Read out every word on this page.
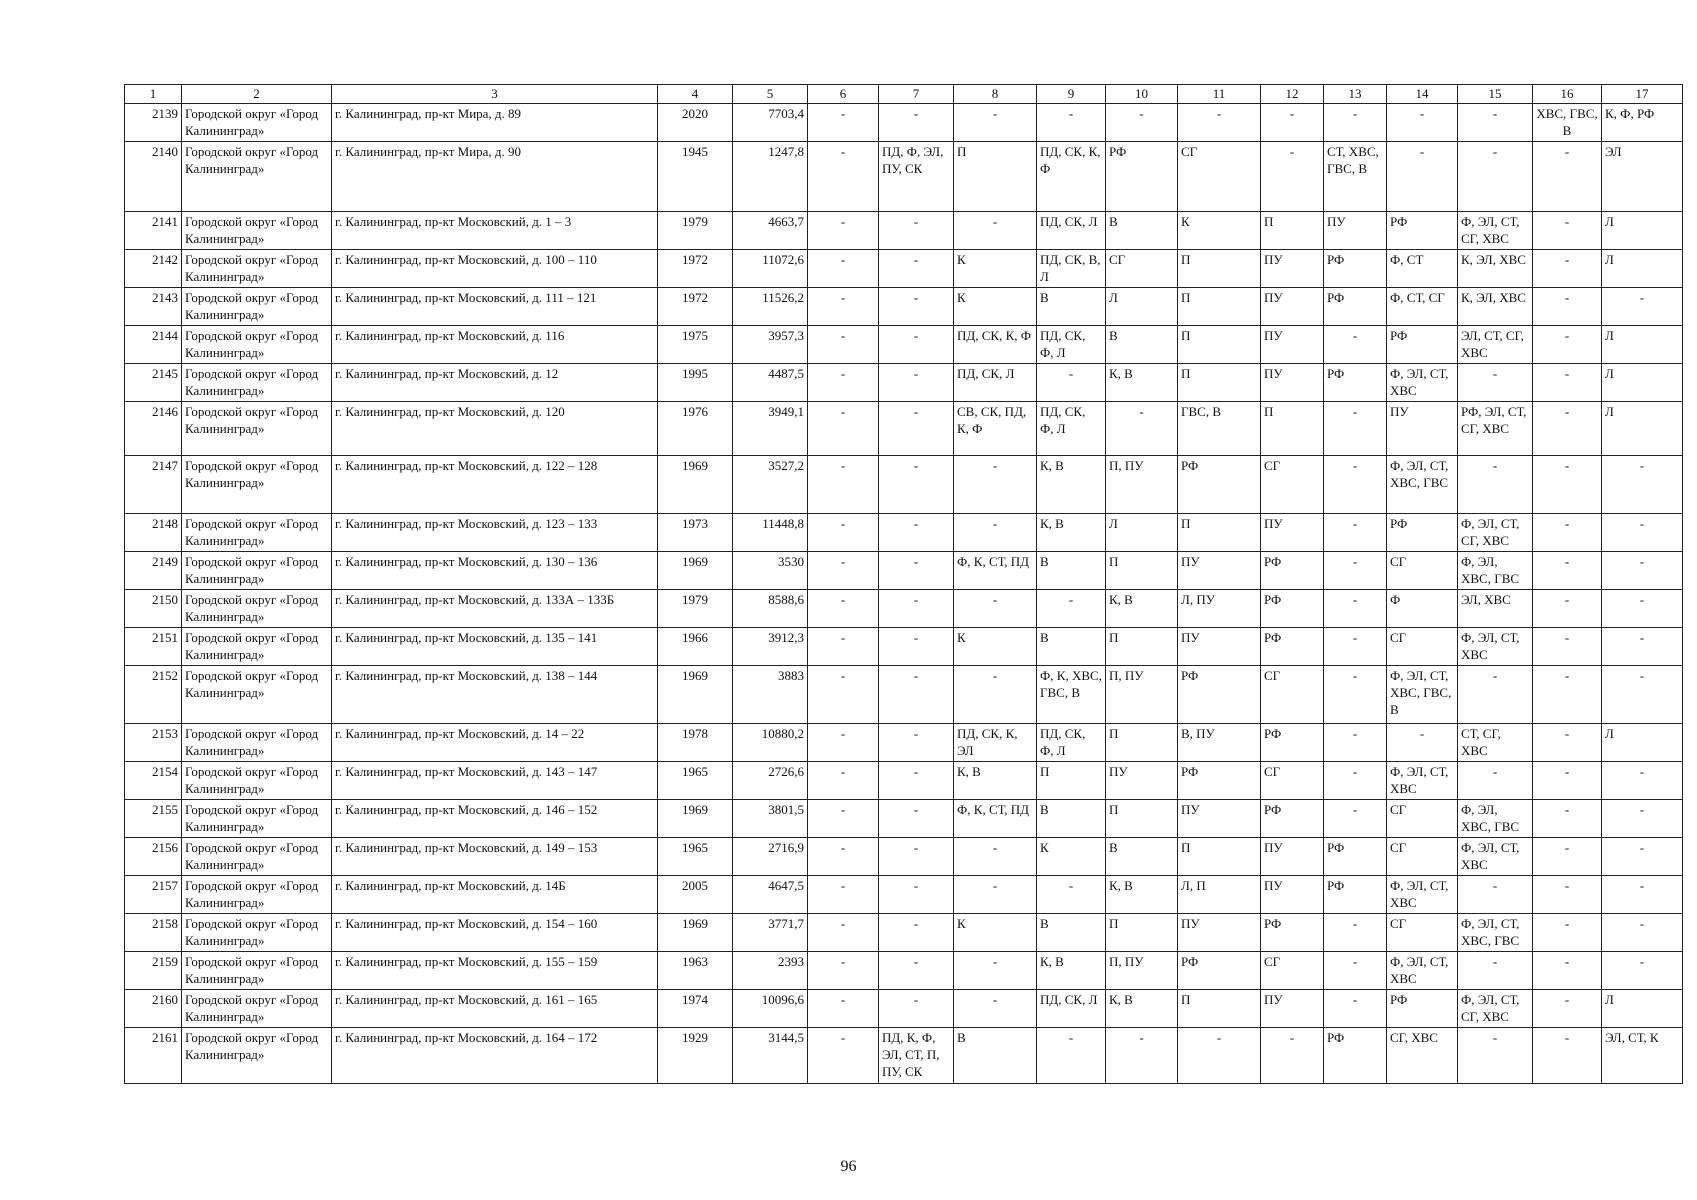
1	2	3	4	5	6	7	8	9	10	11	12	13	14	15	16	17
2139	Городской округ «Город Калининград»	г. Калининград, пр-кт Мира, д. 89	2020	7703,4	-	-	-	-	-	-	-	-	-	-	ХВС, ГВС, В	К, Ф, РФ
2140	Городской округ «Город Калининград»	г. Калининград, пр-кт Мира, д. 90	1945	1247,8	-	ПД, Ф, ЭЛ, ПУ, СК	П	ПД, СК, К, Ф	РФ	СГ	-	СТ, ХВС, ГВС, В	-	-	-	ЭЛ
2141	Городской округ «Город Калининград»	г. Калининград, пр-кт Московский, д. 1 – 3	1979	4663,7	-	-	-	ПД, СК, Л	В	К	П	ПУ	РФ	Ф, ЭЛ, СТ, СГ, ХВС	-	Л
2142	Городской округ «Город Калининград»	г. Калининград, пр-кт Московский, д. 100 – 110	1972	11072,6	-	-	К	ПД, СК, В, Л	СГ	П	ПУ	РФ	Ф, СТ	К, ЭЛ, ХВС	-	Л
2143	Городской округ «Город Калининград»	г. Калининград, пр-кт Московский, д. 111 – 121	1972	11526,2	-	-	К	В	Л	П	ПУ	РФ	Ф, СТ, СГ	К, ЭЛ, ХВС	-	-
2144	Городской округ «Город Калининград»	г. Калининград, пр-кт Московский, д. 116	1975	3957,3	-	-	ПД, СК, К, Ф	ПД, СК, Ф, Л	В	П	ПУ	-	РФ	ЭЛ, СТ, СГ, ХВС	-	Л
2145	Городской округ «Город Калининград»	г. Калининград, пр-кт Московский, д. 12	1995	4487,5	-	-	ПД, СК, Л	-	К, В	П	ПУ	РФ	Ф, ЭЛ, СТ, ХВС	-	-	Л
2146	Городской округ «Город Калининград»	г. Калининград, пр-кт Московский, д. 120	1976	3949,1	-	-	СВ, СК, ПД, К, Ф	ПД, СК, Ф, Л	-	ГВС, В	П	-	ПУ	РФ, ЭЛ, СТ, СГ, ХВС	-	Л
2147	Городской округ «Город Калининград»	г. Калининград, пр-кт Московский, д. 122 – 128	1969	3527,2	-	-	-	К, В	П, ПУ	РФ	СГ	-	Ф, ЭЛ, СТ, ХВС, ГВС	-	-	-
2148	Городской округ «Город Калининград»	г. Калининград, пр-кт Московский, д. 123 – 133	1973	11448,8	-	-	-	К, В	Л	П	ПУ	-	РФ	Ф, ЭЛ, СТ, СГ, ХВС	-	-
2149	Городской округ «Город Калининград»	г. Калининград, пр-кт Московский, д. 130 – 136	1969	3530	-	-	Ф, К, СТ, ПД	В	П	ПУ	РФ	-	СГ	Ф, ЭЛ, ХВС, ГВС	-	-
2150	Городской округ «Город Калининград»	г. Калининград, пр-кт Московский, д. 133А – 133Б	1979	8588,6	-	-	-	-	К, В	Л, ПУ	РФ	-	Ф	ЭЛ, ХВС	-	-
2151	Городской округ «Город Калининград»	г. Калининград, пр-кт Московский, д. 135 – 141	1966	3912,3	-	-	К	В	П	ПУ	РФ	-	СГ	Ф, ЭЛ, СТ, ХВС	-	-
2152	Городской округ «Город Калининград»	г. Калининград, пр-кт Московский, д. 138 – 144	1969	3883	-	-	-	Ф, К, ХВС, ГВС, В	П, ПУ	РФ	СГ	-	Ф, ЭЛ, СТ, ХВС, ГВС, В	-	-	-
2153	Городской округ «Город Калининград»	г. Калининград, пр-кт Московский, д. 14 – 22	1978	10880,2	-	-	ПД, СК, К, ЭЛ	ПД, СК, Ф, Л	П	В, ПУ	РФ	-	-	СТ, СГ, ХВС	-	Л
2154	Городской округ «Город Калининград»	г. Калининград, пр-кт Московский, д. 143 – 147	1965	2726,6	-	-	К, В	П	ПУ	РФ	СГ	-	Ф, ЭЛ, СТ, ХВС	-	-	-
2155	Городской округ «Город Калининград»	г. Калининград, пр-кт Московский, д. 146 – 152	1969	3801,5	-	-	Ф, К, СТ, ПД	В	П	ПУ	РФ	-	СГ	Ф, ЭЛ, ХВС, ГВС	-	-
2156	Городской округ «Город Калининград»	г. Калининград, пр-кт Московский, д. 149 – 153	1965	2716,9	-	-	-	К	В	П	ПУ	РФ	СГ	Ф, ЭЛ, СТ, ХВС	-	-
2157	Городской округ «Город Калининград»	г. Калининград, пр-кт Московский, д. 14Б	2005	4647,5	-	-	-	-	К, В	Л, П	ПУ	РФ	Ф, ЭЛ, СТ, ХВС	-	-	-
2158	Городской округ «Город Калининград»	г. Калининград, пр-кт Московский, д. 154 – 160	1969	3771,7	-	-	К	В	П	ПУ	РФ	-	СГ	Ф, ЭЛ, СТ, ХВС, ГВС	-	-
2159	Городской округ «Город Калининград»	г. Калининград, пр-кт Московский, д. 155 – 159	1963	2393	-	-	-	К, В	П, ПУ	РФ	СГ	-	Ф, ЭЛ, СТ, ХВС	-	-	-
2160	Городской округ «Город Калининград»	г. Калининград, пр-кт Московский, д. 161 – 165	1974	10096,6	-	-	-	ПД, СК, Л	К, В	П	ПУ	-	РФ	Ф, ЭЛ, СТ, СГ, ХВС	-	Л
2161	Городской округ «Город Калининград»	г. Калининград, пр-кт Московский, д. 164 – 172	1929	3144,5	-	ПД, К, Ф, ЭЛ, СТ, П, ПУ, СК	В	-	-	-	-	РФ	СГ, ХВС	-	-	ЭЛ, СТ, К
96
